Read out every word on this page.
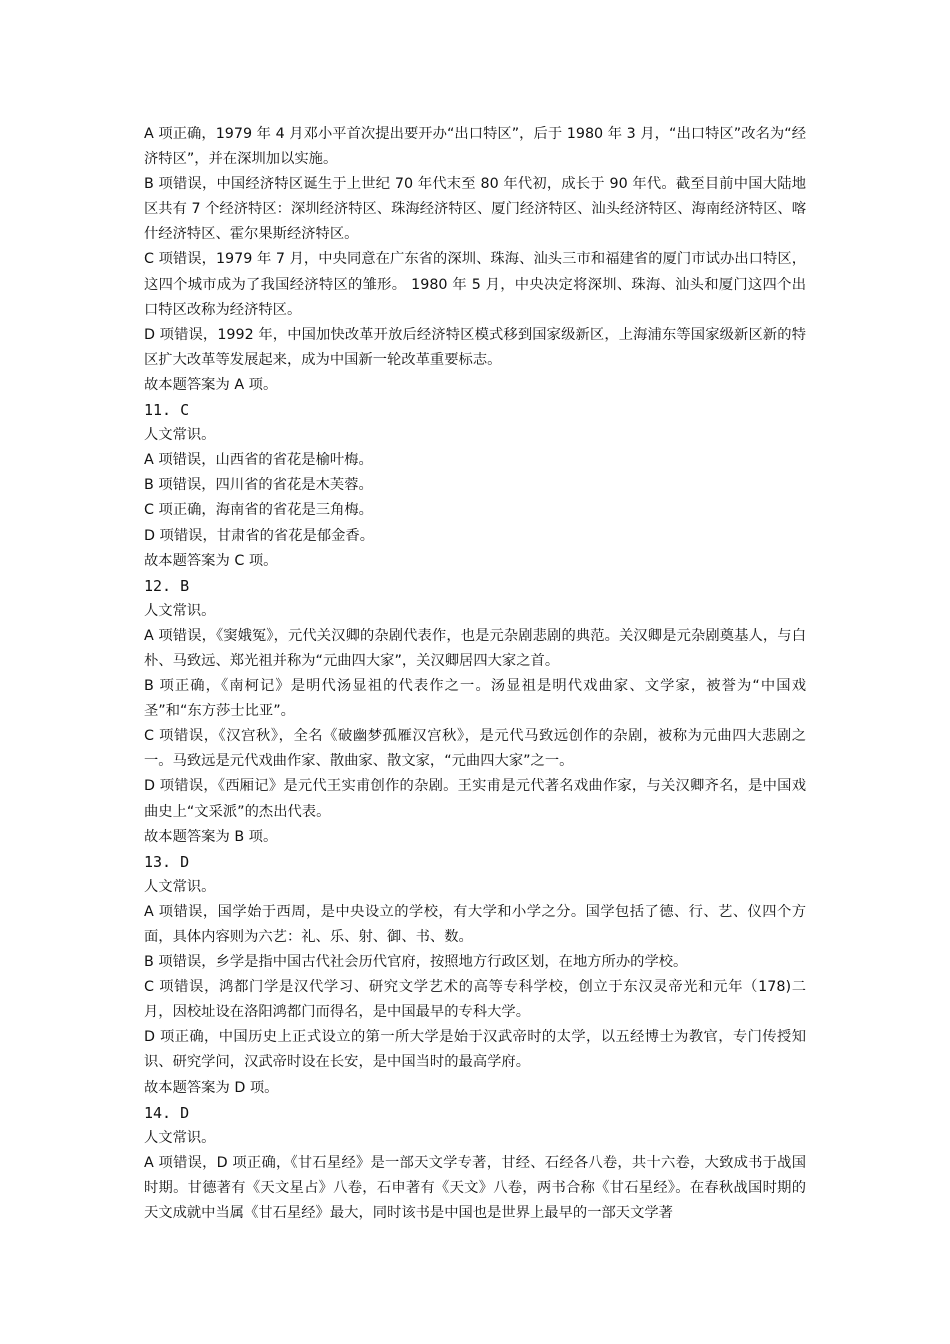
A 项正确，1979 年 4 月邓小平首次提出要开办“出口特区”，后于 1980 年 3 月，“出口特区”改名为“经济特区”，并在深圳加以实施。

B 项错误，中国经济特区诞生于上世纪 70 年代末至 80 年代初，成长于 90 年代。截至目前中国大陆地区共有 7 个经济特区：深圳经济特区、珠海经济特区、厦门经济特区、汕头经济特区、海南经济特区、喀什经济特区、霍尔果斯经济特区。

C 项错误，1979 年 7 月，中央同意在广东省的深圳、珠海、汕头三市和福建省的厦门市试办出口特区，这四个城市成为了我国经济特区的雏形。 1980 年 5 月，中央决定将深圳、珠海、汕头和厦门这四个出口特区改称为经济特区。

D 项错误，1992 年，中国加快改革开放后经济特区模式移到国家级新区，上海浦东等国家级新区新的特区扩大改革等发展起来，成为中国新一轮改革重要标志。

故本题答案为 A 项。

11. C

人文常识。

A 项错误，山西省的省花是榆叶梅。

B 项错误，四川省的省花是木芙蓉。

C 项正确，海南省的省花是三角梅。

D 项错误，甘肃省的省花是郁金香。

故本题答案为 C 项。

12. B

人文常识。

A 项错误，《窦娥冤》，元代关汉卿的杂剧代表作，也是元杂剧悲剧的典范。关汉卿是元杂剧奠基人，与白朴、马致远、郑光祖并称为“元曲四大家”，关汉卿居四大家之首。

B 项正确，《南柯记》是明代汤显祖的代表作之一。汤显祖是明代戏曲家、文学家，被誉为“中国戏圣”和“东方莎士比亚”。

C 项错误，《汉宫秋》，全名《破幽梦孤雁汉宫秋》，是元代马致远创作的杂剧，被称为元曲四大悲剧之一。马致远是元代戏曲作家、散曲家、散文家，“元曲四大家”之一。

D 项错误，《西厢记》是元代王实甫创作的杂剧。王实甫是元代著名戏曲作家，与关汉卿齐名，是中国戏曲史上“文采派”的杰出代表。

故本题答案为 B 项。

13. D

人文常识。

A 项错误，国学始于西周，是中央设立的学校，有大学和小学之分。国学包括了德、行、艺、仪四个方面，具体内容则为六艺：礼、乐、射、御、书、数。

B 项错误，乡学是指中国古代社会历代官府，按照地方行政区划，在地方所办的学校。

C 项错误，鸿都门学是汉代学习、研究文学艺术的高等专科学校，创立于东汉灵帝光和元年（178)二月，因校址设在洛阳鸿都门而得名，是中国最早的专科大学。

D 项正确，中国历史上正式设立的第一所大学是始于汉武帝时的太学，以五经博士为教官，专门传授知识、研究学问，汉武帝时设在长安，是中国当时的最高学府。

故本题答案为 D 项。

14. D

人文常识。

A 项错误，D 项正确，《甘石星经》是一部天文学专著，甘经、石经各八卷，共十六卷，大致成书于战国时期。甘德著有《天文星占》八卷，石申著有《天文》八卷，两书合称《甘石星经》。在春秋战国时期的天文成就中当属《甘石星经》最大，同时该书是中国也是世界上最早的一部天文学著
